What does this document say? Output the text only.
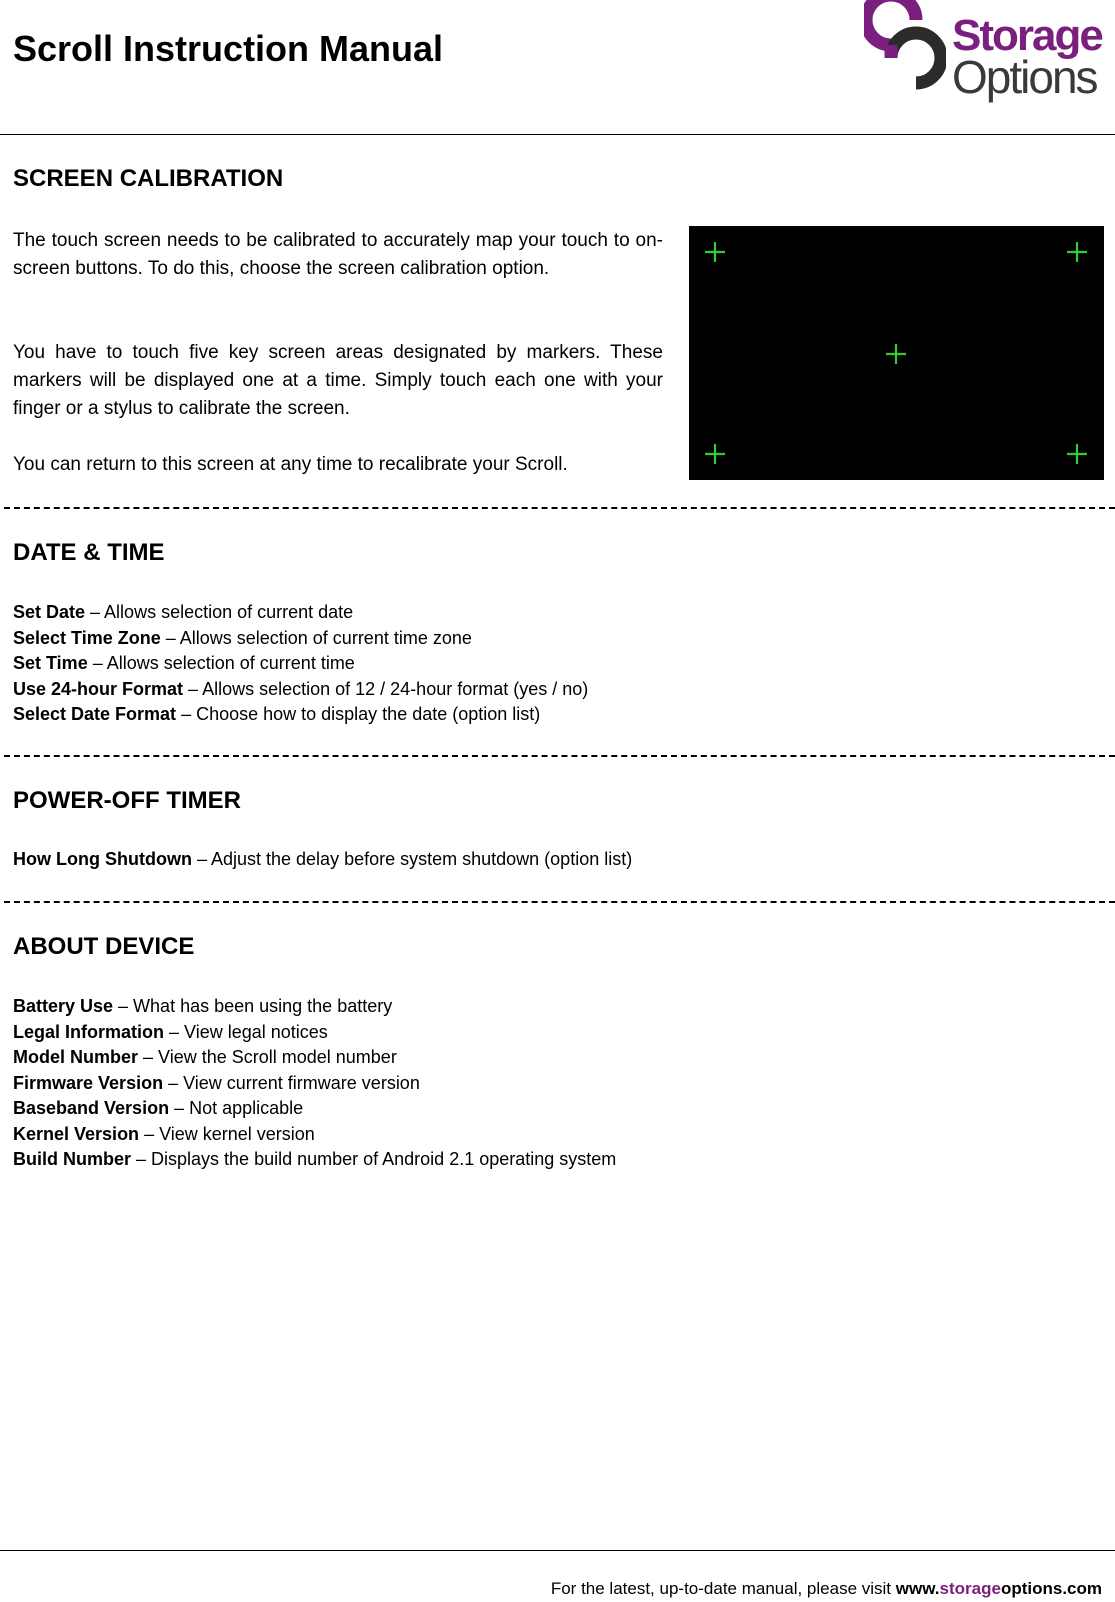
Scroll Instruction Manual	Storage
Options
SCREEN CALIBRATION

The touch screen needs to be calibrated to accurately map your touch to on-screen buttons. To do this, choose the screen calibration option.

You have to touch five key screen areas designated by markers. These markers will be displayed one at a time. Simply touch each one with your finger or a stylus to calibrate the screen.

You can return to this screen at any time to recalibrate your Scroll.

DATE & TIME
Set Date – Allows selection of current date
Select Time Zone – Allows selection of current time zone
Set Time – Allows selection of current time
Use 24-hour Format – Allows selection of 12 / 24-hour format (yes / no)
Select Date Format – Choose how to display the date (option list)
POWER-OFF TIMER
How Long Shutdown – Adjust the delay before system shutdown (option list)
ABOUT DEVICE
Battery Use – What has been using the battery
Legal Information – View legal notices
Model Number – View the Scroll model number
Firmware Version – View current firmware version
Baseband Version – Not applicable
Kernel Version – View kernel version
Build Number – Displays the build number of Android 2.1 operating system
For the latest, up-to-date manual, please visit www.storageoptions.com
